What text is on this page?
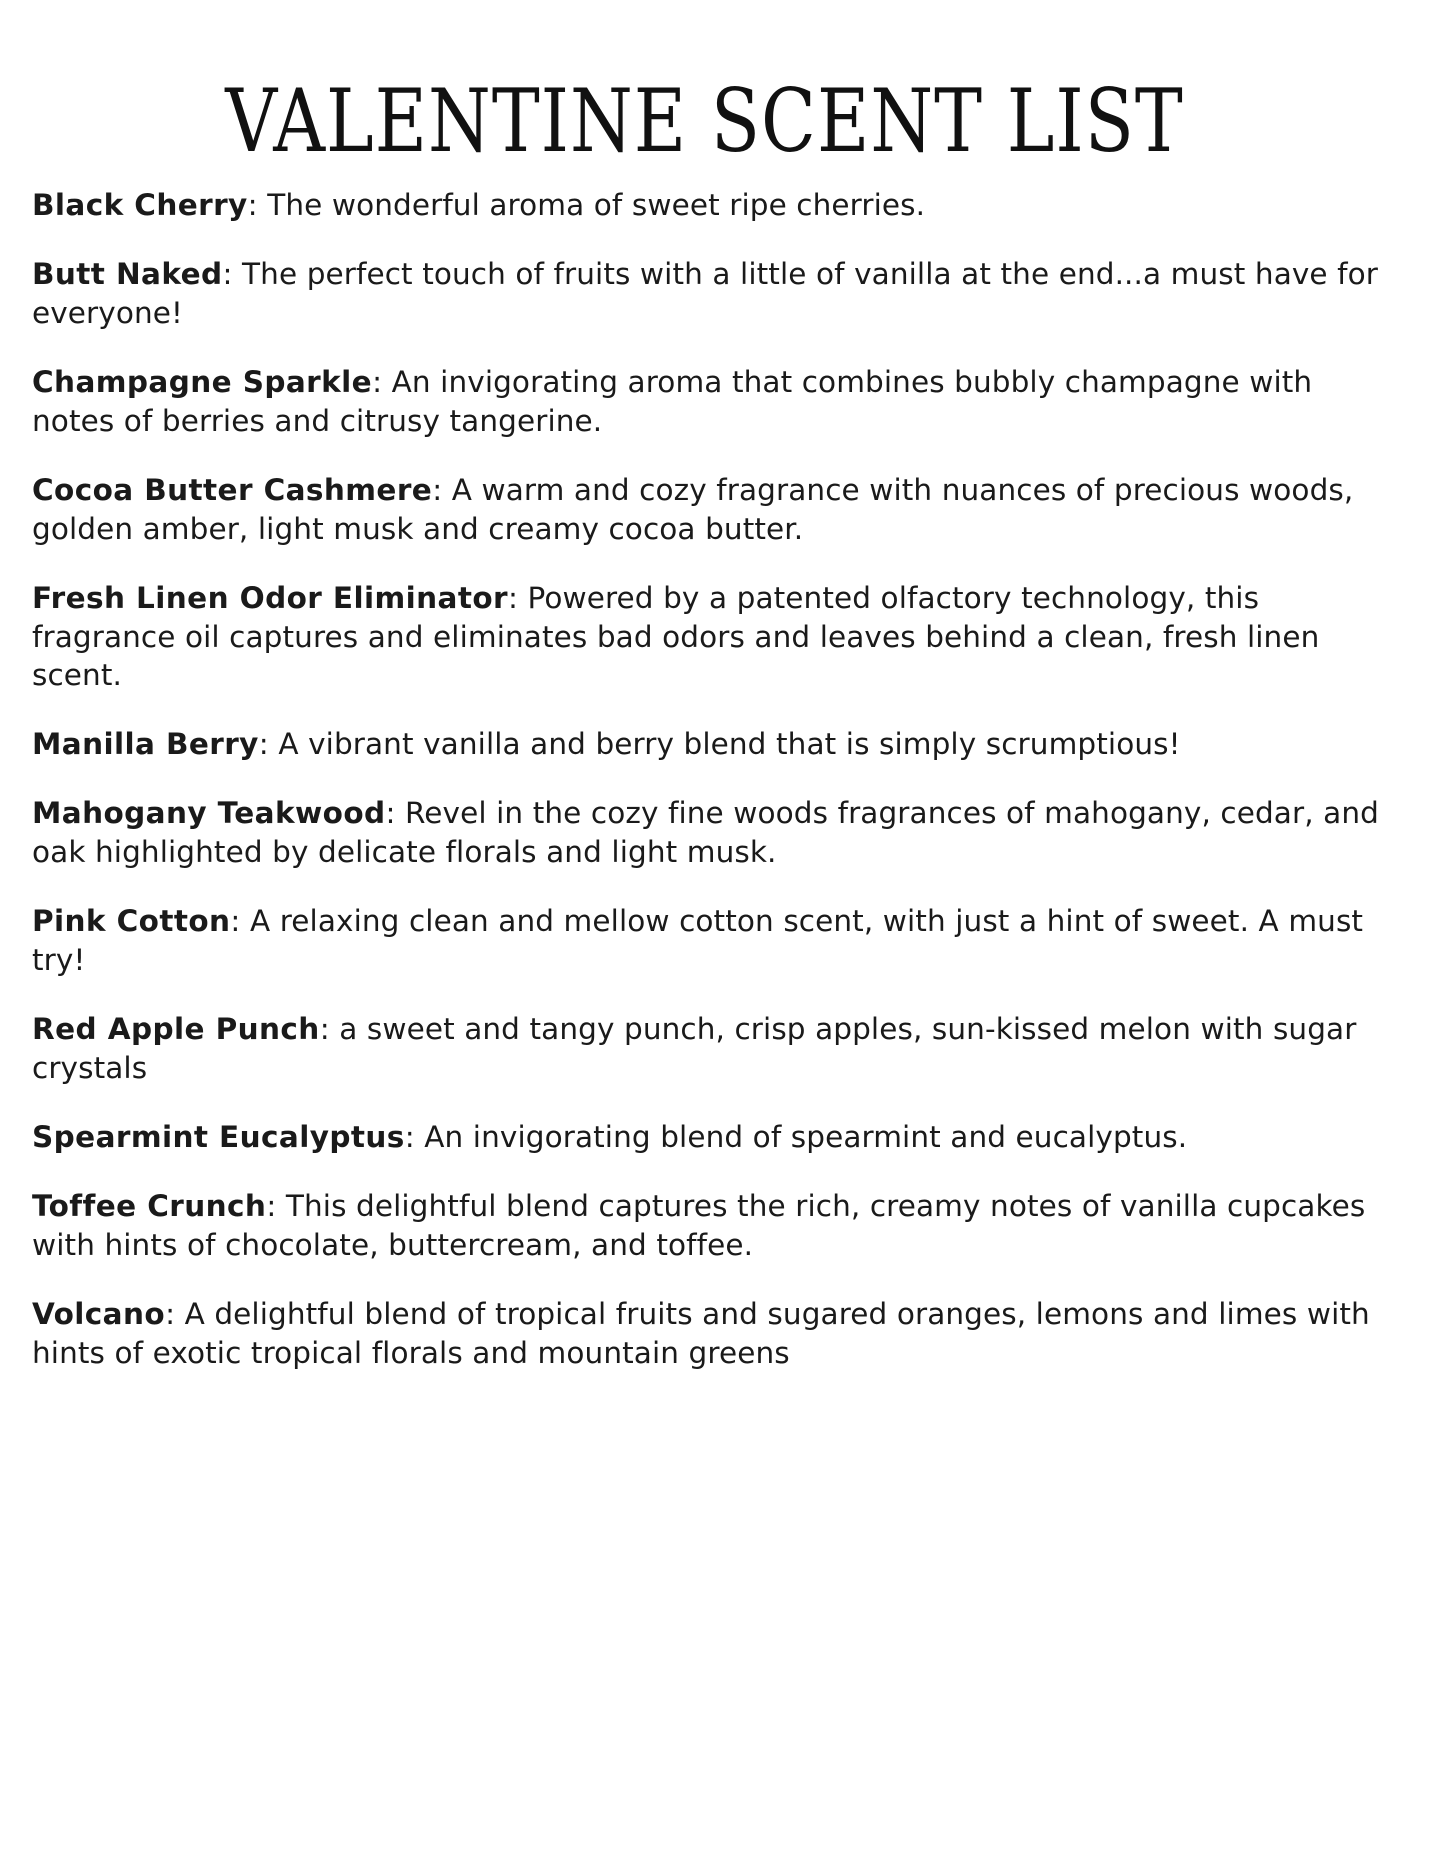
VALENTINE SCENT LIST
Black Cherry: The wonderful aroma of sweet ripe cherries.
Butt Naked: The perfect touch of fruits with a little of vanilla at the end...a must have for everyone!
Champagne Sparkle: An invigorating aroma that combines bubbly champagne with notes of berries and citrusy tangerine.
Cocoa Butter Cashmere: A warm and cozy fragrance with nuances of precious woods, golden amber, light musk and creamy cocoa butter.
Fresh Linen Odor Eliminator: Powered by a patented olfactory technology, this fragrance oil captures and eliminates bad odors and leaves behind a clean, fresh linen scent.
Manilla Berry: A vibrant vanilla and berry blend that is simply scrumptious!
Mahogany Teakwood: Revel in the cozy fine woods fragrances of mahogany, cedar, and oak highlighted by delicate florals and light musk.
Pink Cotton: A relaxing clean and mellow cotton scent, with just a hint of sweet. A must try!
Red Apple Punch: a sweet and tangy punch, crisp apples, sun-kissed melon with sugar crystals
Spearmint Eucalyptus: An invigorating blend of spearmint and eucalyptus.
Toffee Crunch: This delightful blend captures the rich, creamy notes of vanilla cupcakes with hints of chocolate, buttercream, and toffee.
Volcano: A delightful blend of tropical fruits and sugared oranges, lemons and limes with hints of exotic tropical florals and mountain greens
